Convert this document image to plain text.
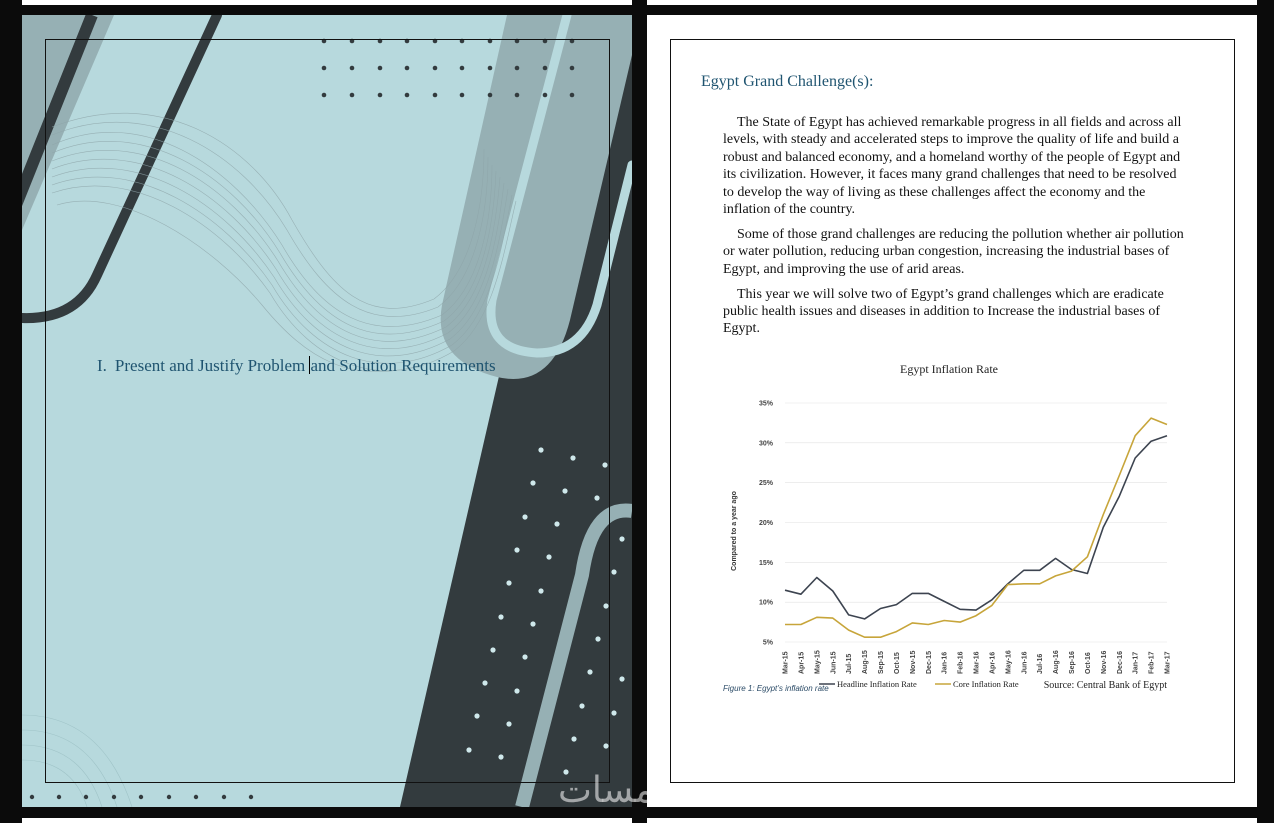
I. Present and Justify Problem and Solution Requirements
Egypt Grand Challenge(s):

The State of Egypt has achieved remarkable progress in all fields and across all levels, with steady and accelerated steps to improve the quality of life and build a robust and balanced economy, and a homeland worthy of the people of Egypt and its civilization. However, it faces many grand challenges that need to be resolved to develop the way of living as these challenges affect the economy and the inflation of the country.

Some of those grand challenges are reducing the pollution whether air pollution or water pollution, reducing urban congestion, increasing the industrial bases of Egypt, and improving the use of arid areas.

This year we will solve two of Egypt’s grand challenges which are eradicate public health issues and diseases in addition to Increase the industrial bases of Egypt.

Egypt Inflation Rate
Compared to a year ago
5%
10%
15%
20%
25%
30%
35%
Mar-15 Apr-15 May-15 Jun-15 Jul-15 Aug-15 Sep-15 Oct-15 Nov-15 Dec-15 Jan-16 Feb-16 Mar-16 Apr-16 May-16 Jun-16 Jul-16 Aug-16 Sep-16 Oct-16 Nov-16 Dec-16 Jan-17 Feb-17 Mar-17
Headline Inflation Rate	Core Inflation Rate	Source: Central Bank of Egypt
Figure 1: Egypt’s inflation rate
خمسات
